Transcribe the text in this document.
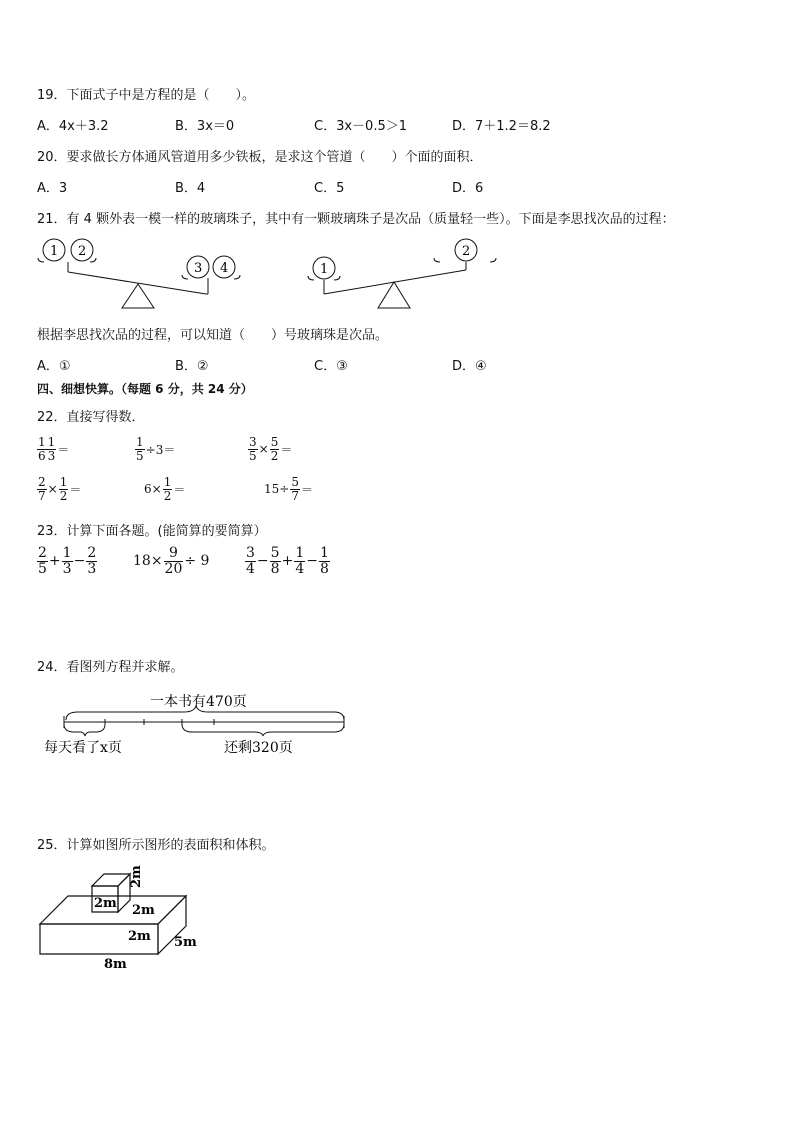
19．下面式子中是方程的是（　　）。
A．4x＋3.2	B．3x＝0	C．3x－0.5＞1	D．7＋1.2＝8.2
20．要求做长方体通风管道用多少铁板，是求这个管道（　　）个面的面积．
A．3	B．4	C．5	D．6
21．有 4 颗外表一模一样的玻璃珠子，其中有一颗玻璃珠子是次品（质量轻一些）。下面是李思找次品的过程：
1 2
3 4	1
2
根据李思找次品的过程，可以知道（　　）号玻璃珠是次品。
A．①	B．②	C．③	D．④
四、细想快算。（每题 6 分，共 24 分）
22．直接写得数．
$\frac{1}{6} \frac{1}{3}$ ＝	$\frac{1}{5} \div 3=$	$\frac{3}{5} \times \frac{5}{2}$ ＝
$\frac{2}{7} \times \frac{1}{2}$ ＝	$6\times \frac{1}{2}$ ＝	$15\div \frac{5}{7}$ ＝
23．计算下面各题。(能简算的要简算）
$\frac{2}{5} + \frac{1}{3} - \frac{2}{3}$	$18\times \frac{9}{20} \div 9$	$\frac{3}{4} - \frac{5}{8} + \frac{1}{4} - \frac{1}{8}$
24．看图列方程并求解。
一本书有470页
每天看了x页	还剩320页
25．计算如图所示图形的表面积和体积。
2m
2m
2m
2m 5m
8m
